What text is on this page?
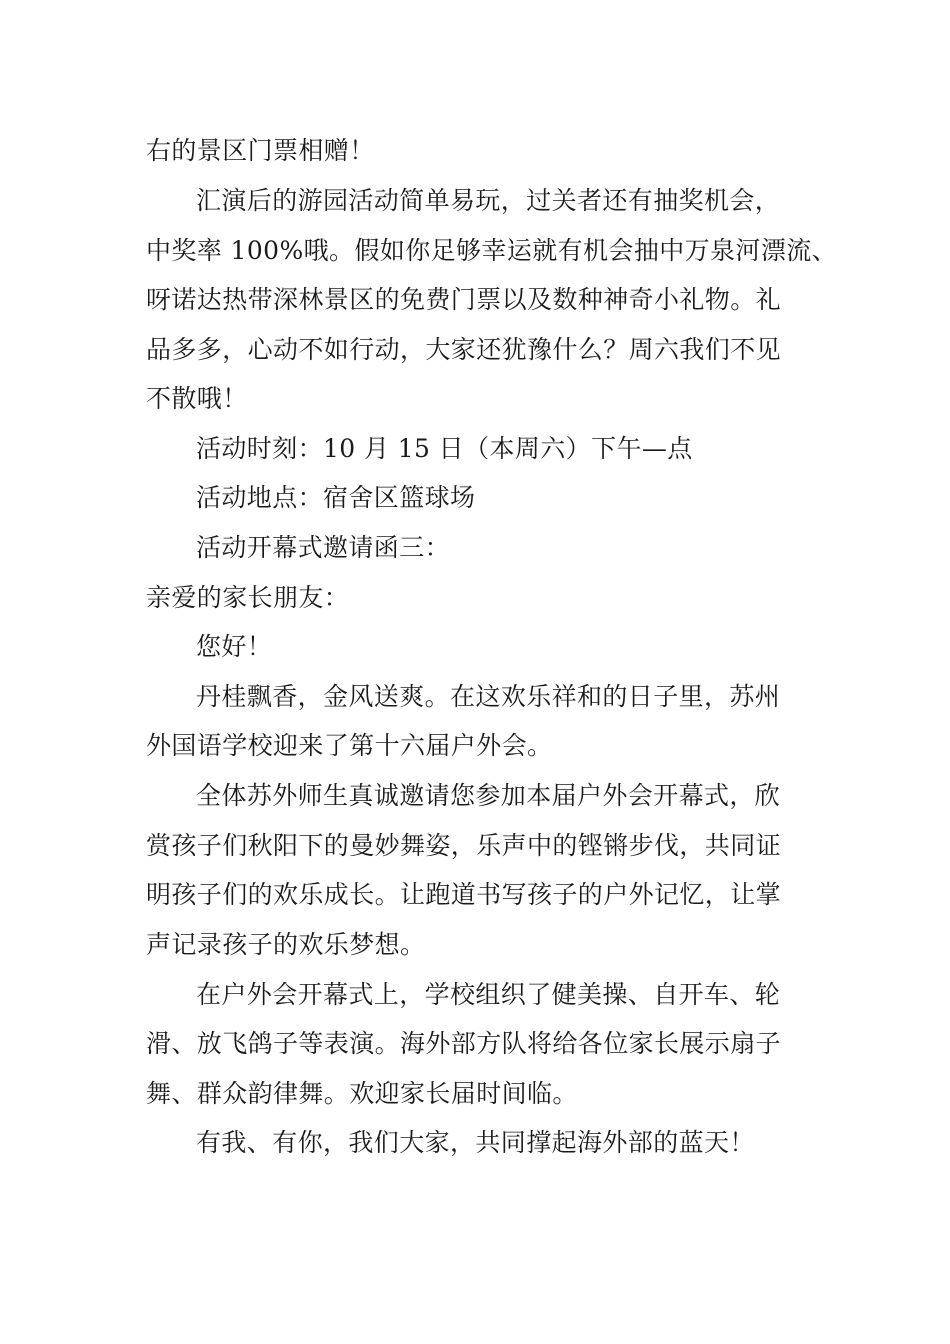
右的景区门票相赠！
汇演后的游园活动简单易玩，过关者还有抽奖机会，
中奖率 100%哦。假如你足够幸运就有机会抽中万泉河漂流、
呀诺达热带深林景区的免费门票以及数种神奇小礼物。礼
品多多，心动不如行动，大家还犹豫什么？周六我们不见
不散哦！
活动时刻：10 月 15 日（本周六）下午—点
活动地点：宿舍区篮球场
活动开幕式邀请函三：
亲爱的家长朋友：
您好！
丹桂飘香，金风送爽。在这欢乐祥和的日子里，苏州
外国语学校迎来了第十六届户外会。
全体苏外师生真诚邀请您参加本届户外会开幕式，欣
赏孩子们秋阳下的曼妙舞姿，乐声中的铿锵步伐，共同证
明孩子们的欢乐成长。让跑道书写孩子的户外记忆，让掌
声记录孩子的欢乐梦想。
在户外会开幕式上，学校组织了健美操、自开车、轮
滑、放飞鸽子等表演。海外部方队将给各位家长展示扇子
舞、群众韵律舞。欢迎家长届时间临。
有我、有你，我们大家，共同撑起海外部的蓝天！
